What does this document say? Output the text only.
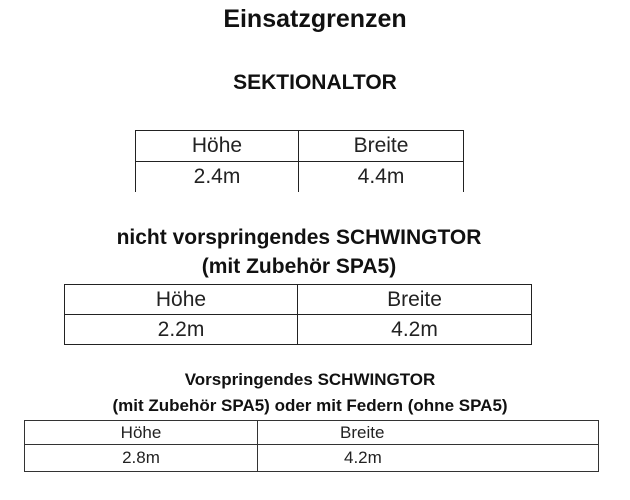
Einsatzgrenzen
SEKTIONALTOR
Höhe	Breite
2.4m	4.4m
nicht vorspringendes SCHWINGTOR
(mit Zubehör SPA5)
Höhe	Breite
2.2m	4.2m
Vorspringendes SCHWINGTOR
(mit Zubehör SPA5) oder mit Federn (ohne SPA5)
Höhe	Breite
2.8m	4.2m
